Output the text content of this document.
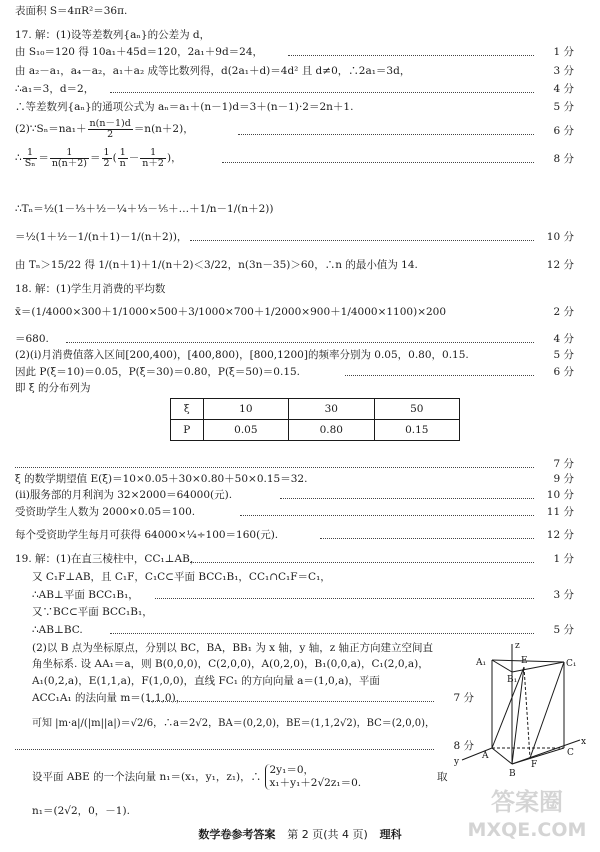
表面积 S＝4πR²＝36π.
17. 解：(1)设等差数列{aₙ}的公差为 d，
由 S₁₀＝120 得 10a₁＋45d＝120，2a₁＋9d＝24，	1 分
由 a₂－a₁，a₄－a₂，a₁＋a₂ 成等比数列得，d(2a₁＋d)＝4d² 且 d≠0，∴2a₁＝3d，	3 分
∴a₁＝3，d＝2，	4 分
∴等差数列{aₙ}的通项公式为 aₙ＝a₁＋(n－1)d＝3＋(n－1)·2＝2n＋1.	5 分
(2)∵Sₙ＝na₁＋ $\frac{n(n-1)d}{2} =n(n+2)$，	6 分
∴ $\frac{1}{\text{Sₙ}} = \frac{1}{n(n+2)} = \frac{1}{2}$ ( $\frac{1}{n} - \frac{1}{n+2}$ )，	8 分
∴Tₙ＝½(1－⅓＋½－¼＋⅓－⅕＋…＋1/n－1/(n＋2))
＝½(1＋½－1/(n＋1)－1/(n＋2))，	10 分
由 Tₙ＞15/22 得 1/(n＋1)＋1/(n＋2)＜3/22，n(3n－35)＞60，∴n 的最小值为 14.	12 分
18. 解：(1)学生月消费的平均数
x̄＝(1/4000×300＋1/1000×500＋3/1000×700＋1/2000×900＋1/4000×1100)×200	2 分
＝680.	4 分
(2)(ⅰ)月消费值落入区间[200,400)，[400,800)，[800,1200]的频率分别为 0.05，0.80，0.15.	5 分
因此 P(ξ＝10)＝0.05，P(ξ＝30)＝0.80，P(ξ＝50)＝0.15.	6 分
即 ξ 的分布列为
ξ	10	30	50
P	0.05	0.80	0.15
7 分
ξ 的数学期望值 E(ξ)＝10×0.05＋30×0.80＋50×0.15＝32.	9 分
(ⅱ)服务部的月利润为 32×2000＝64000(元).	10 分
受资助学生人数为 2000×0.05＝100.	11 分
每个受资助学生每月可获得 64000×¼÷100＝160(元).	12 分
19. 解：(1)在直三棱柱中，CC₁⊥AB，	1 分
又 C₁F⊥AB，且 C₁F，C₁C⊂平面 BCC₁B₁，CC₁∩C₁F＝C₁，
∴AB⊥平面 BCC₁B₁，	3 分
又∵BC⊂平面 BCC₁B₁，
∴AB⊥BC.	5 分
(2)以 B 点为坐标原点，分别以 BC，BA，BB₁ 为 x 轴，y 轴，z 轴正方向建立空间直
角坐标系. 设 AA₁＝a，则 B(0,0,0)，C(2,0,0)，A(0,2,0)，B₁(0,0,a)，C₁(2,0,a)，
A₁(0,2,a)，E(1,1,a)，F(1,0,0)，直线 FC₁ 的方向向量 a＝(1,0,a)，平面
ACC₁A₁ 的法向量 m＝(1,1,0)，	7 分
可知 |m·a|/(|m||a|)＝√2/6，∴a＝2√2，BA＝(0,2,0)，BE＝(1,1,2√2)，BC＝(2,0,0)，
8 分
设平面 ABE 的一个法向量 n₁＝(x₁，y₁，z₁)，∴
2y₁＝0，
x₁＋y₁＋2√2z₁＝0.	取
n₁＝(2√2，0，－1).
A₁	C₁
B₁
E
z
A	C
B
F
x
y
答案圈
MXQE.COM
数学卷参考答案 第 2 页(共 4 页) 理科
